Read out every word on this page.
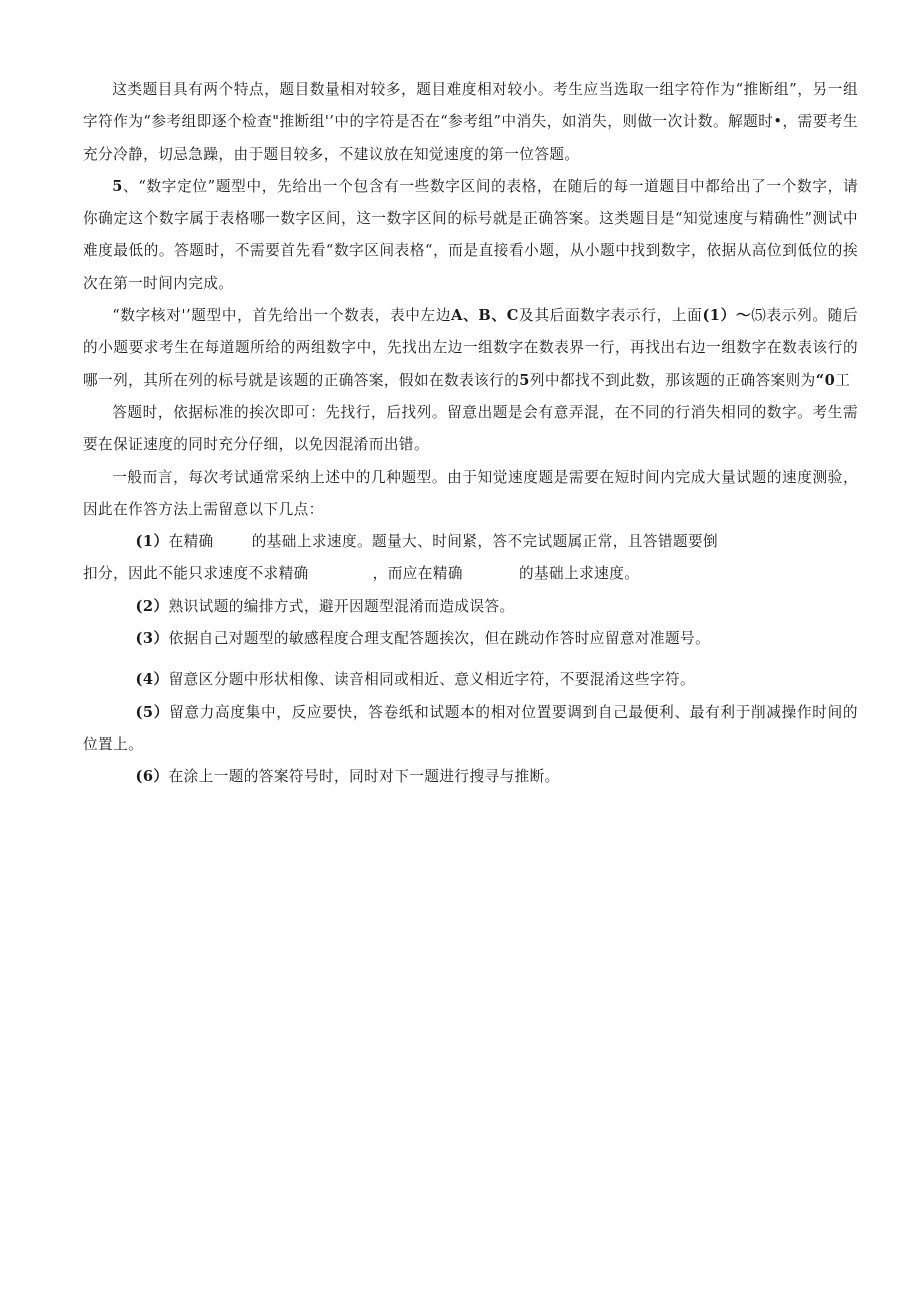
这类题目具有两个特点，题目数量相对较多，题目难度相对较小。考生应当选取一组字符作为“推断组”，另一组字符作为“参考组即逐个检查"推断组'’中的字符是否在“参考组”中消失，如消失，则做一次计数。解题时•，需要考生充分冷静，切忌急躁，由于题目较多，不建议放在知觉速度的第一位答题。

5、“数字定位”题型中，先给出一个包含有一些数字区间的表格，在随后的每一道题目中都给出了一个数字，请你确定这个数字属于表格哪一数字区间，这一数字区间的标号就是正确答案。这类题目是“知觉速度与精确性”测试中难度最低的。答题时，不需要首先看“数字区间表格“，而是直接看小题，从小题中找到数字，依据从高位到低位的挨次在第一时间内完成。

“数字核对'’题型中，首先给出一个数表，表中左边A、B、C及其后面数字表示行，上面(1）〜⑸表示列。随后的小题要求考生在每道题所给的两组数字中，先找出左边一组数字在数表界一行，再找出右边一组数字在数表该行的哪一列，其所在列的标号就是该题的正确答案，假如在数表该行的5列中都找不到此数，那该题的正确答案则为“0工

答题时，依据标准的挨次即可：先找行，后找列。留意出题是会有意弄混，在不同的行消失相同的数字。考生需要在保证速度的同时充分仔细，以免因混淆而出错。

一般而言，每次考试通常采纳上述中的几种题型。由于知觉速度题是需要在短时间内完成大量试题的速度测验，因此在作答方法上需留意以下几点：

(1）在精确	的基础上求速度。题量大、时间紧，答不完试题属正常，且答错题要倒

扣分，因此不能只求速度不求精确	，而应在精确	的基础上求速度。

(2）熟识试题的编排方式，避开因题型混淆而造成误答。

(3）依据自己对题型的敏感程度合理支配答题挨次，但在跳动作答时应留意对准题号。

(4）留意区分题中形状相像、读音相同或相近、意义相近字符，不要混淆这些字符。

(5）留意力高度集中，反应要快，答卷纸和试题本的相对位置要调到自己最便利、最有利于削减操作时间的位置上。

(6）在涂上一题的答案符号时，同时对下一题进行搜寻与推断。
